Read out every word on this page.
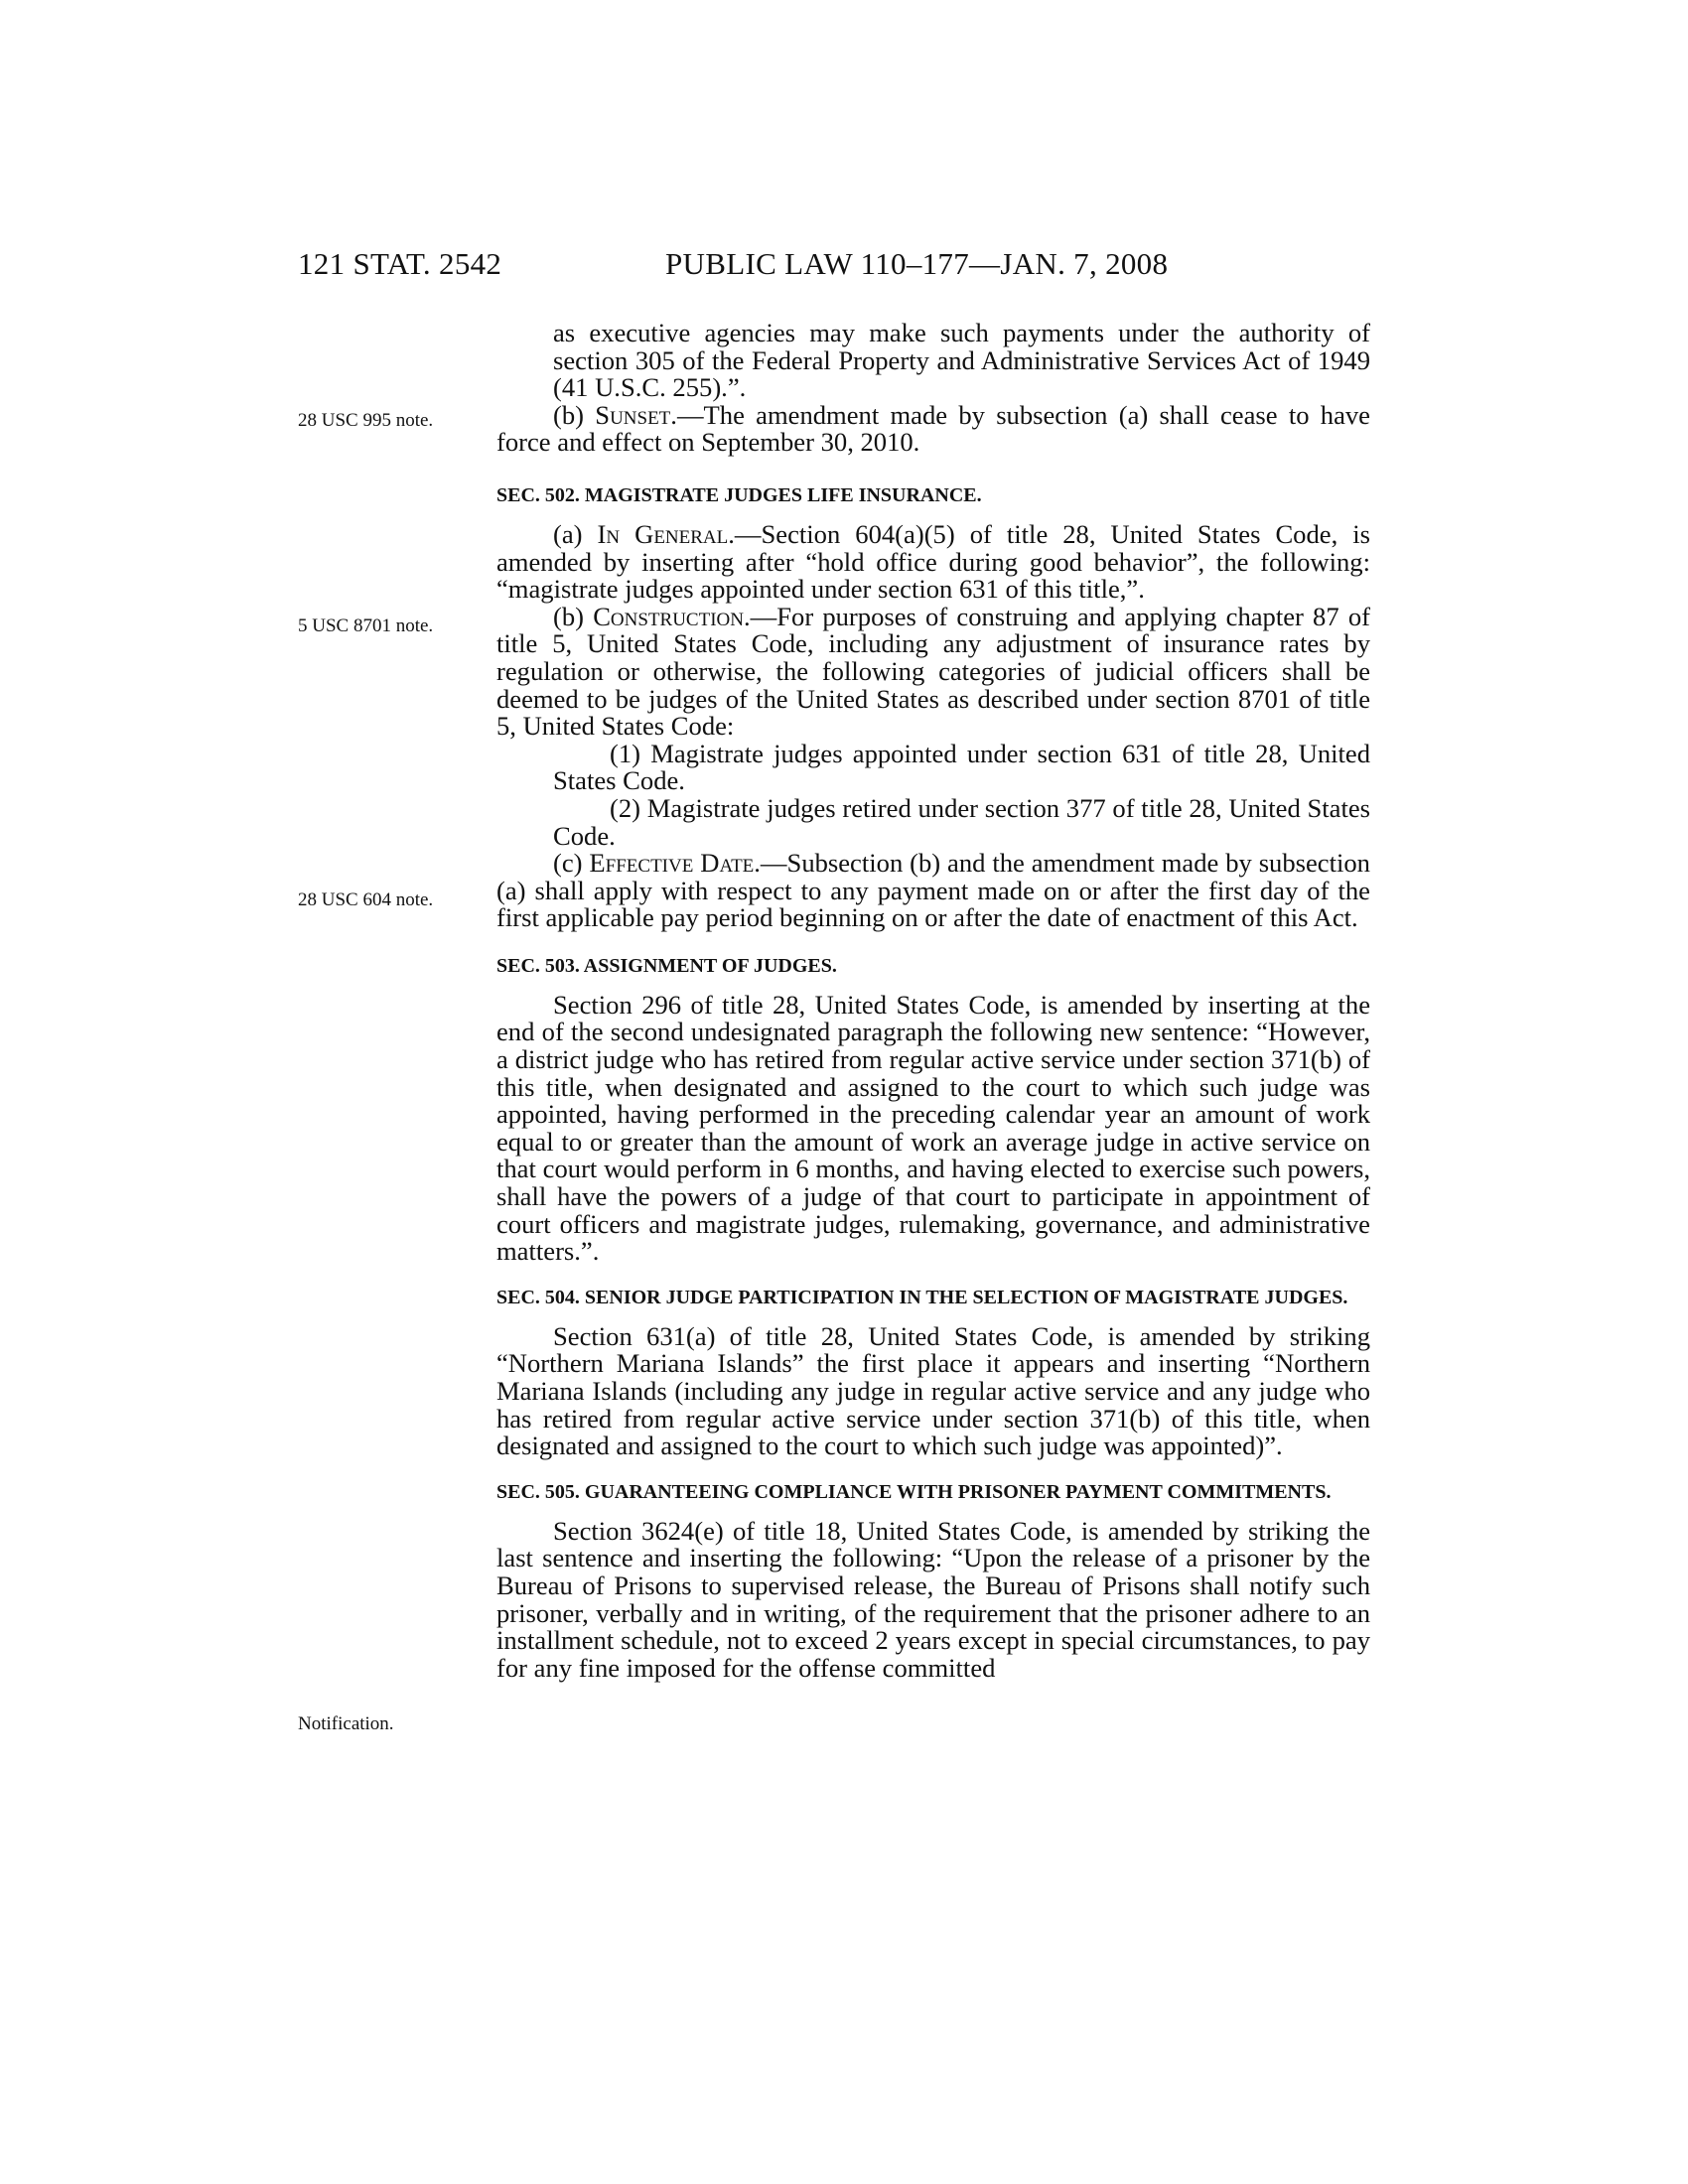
121 STAT. 2542	PUBLIC LAW 110–177—JAN. 7, 2008
28 USC 995 note.
5 USC 8701 note.
28 USC 604 note.
Notification.

as executive agencies may make such payments under the authority of section 305 of the Federal Property and Administrative Services Act of 1949 (41 U.S.C. 255).”.

(b) Sunset.—The amendment made by subsection (a) shall cease to have force and effect on September 30, 2010.

SEC. 502. MAGISTRATE JUDGES LIFE INSURANCE.

(a) In General.—Section 604(a)(5) of title 28, United States Code, is amended by inserting after “hold office during good behavior”, the following: “magistrate judges appointed under section 631 of this title,”.

(b) Construction.—For purposes of construing and applying chapter 87 of title 5, United States Code, including any adjustment of insurance rates by regulation or otherwise, the following categories of judicial officers shall be deemed to be judges of the United States as described under section 8701 of title 5, United States Code:

(1) Magistrate judges appointed under section 631 of title 28, United States Code.

(2) Magistrate judges retired under section 377 of title 28, United States Code.

(c) Effective Date.—Subsection (b) and the amendment made by subsection (a) shall apply with respect to any payment made on or after the first day of the first applicable pay period beginning on or after the date of enactment of this Act.

SEC. 503. ASSIGNMENT OF JUDGES.

Section 296 of title 28, United States Code, is amended by inserting at the end of the second undesignated paragraph the following new sentence: “However, a district judge who has retired from regular active service under section 371(b) of this title, when designated and assigned to the court to which such judge was appointed, having performed in the preceding calendar year an amount of work equal to or greater than the amount of work an average judge in active service on that court would perform in 6 months, and having elected to exercise such powers, shall have the powers of a judge of that court to participate in appointment of court officers and magistrate judges, rulemaking, governance, and administrative matters.”.

SEC. 504. SENIOR JUDGE PARTICIPATION IN THE SELECTION OF MAGISTRATE JUDGES.

Section 631(a) of title 28, United States Code, is amended by striking “Northern Mariana Islands” the first place it appears and inserting “Northern Mariana Islands (including any judge in regular active service and any judge who has retired from regular active service under section 371(b) of this title, when designated and assigned to the court to which such judge was appointed)”.

SEC. 505. GUARANTEEING COMPLIANCE WITH PRISONER PAYMENT COMMITMENTS.

Section 3624(e) of title 18, United States Code, is amended by striking the last sentence and inserting the following: “Upon the release of a prisoner by the Bureau of Prisons to supervised release, the Bureau of Prisons shall notify such prisoner, verbally and in writing, of the requirement that the prisoner adhere to an installment schedule, not to exceed 2 years except in special circumstances, to pay for any fine imposed for the offense committed
